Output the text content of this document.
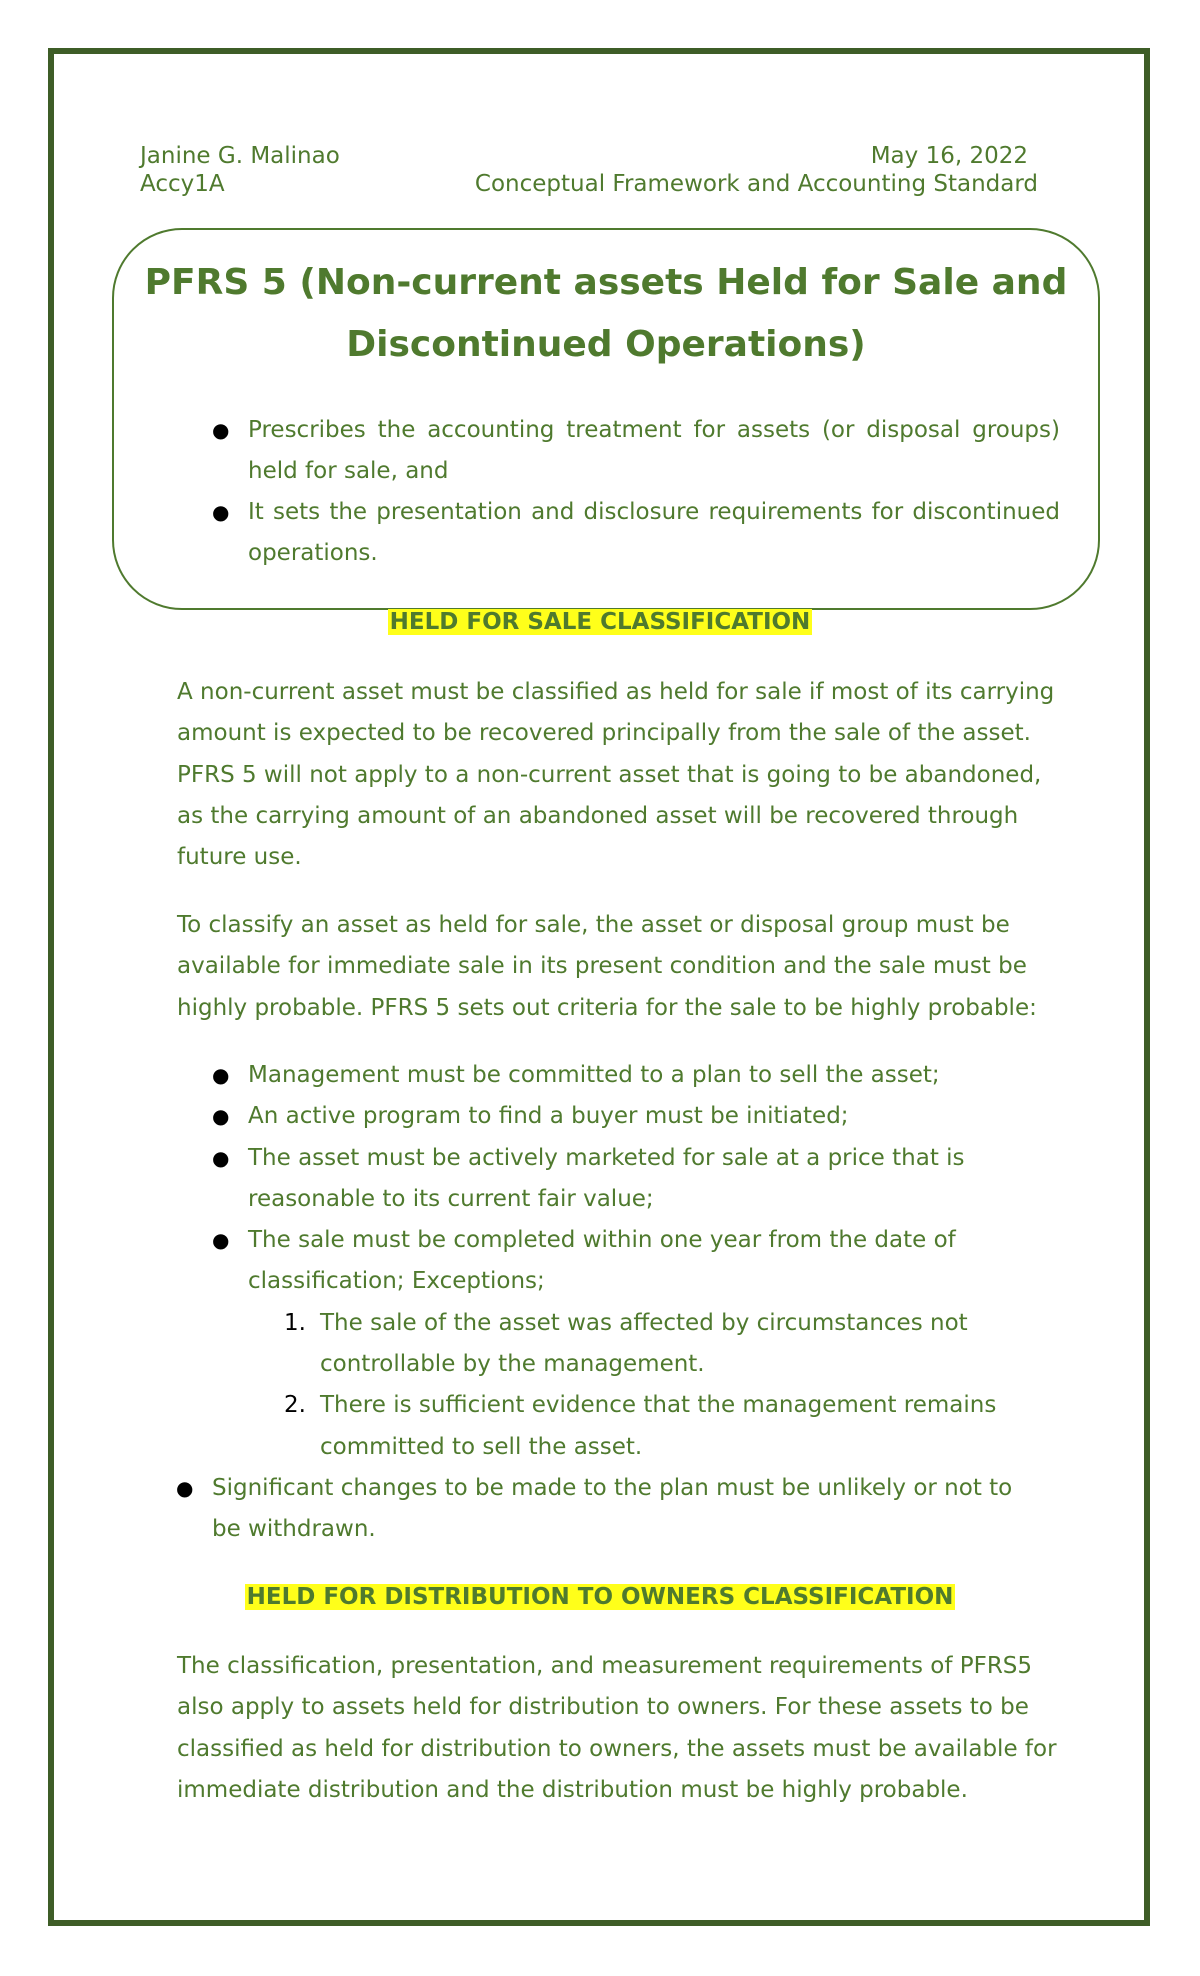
Janine G. Malinao
Accy1A
May 16, 2022
Conceptual Framework and Accounting Standard
PFRS 5 (Non-current assets Held for Sale and
Discontinued Operations)
● Prescribes the accounting treatment for assets (or disposal groups) held for sale, and
● It sets the presentation and disclosure requirements for discontinued operations.
HELD FOR SALE CLASSIFICATION

A non-current asset must be classified as held for sale if most of its carrying amount is expected to be recovered principally from the sale of the asset. PFRS 5 will not apply to a non-current asset that is going to be abandoned, as the carrying amount of an abandoned asset will be recovered through future use.

To classify an asset as held for sale, the asset or disposal group must be available for immediate sale in its present condition and the sale must be highly probable. PFRS 5 sets out criteria for the sale to be highly probable:

● Management must be committed to a plan to sell the asset;
● An active program to find a buyer must be initiated;
● The asset must be actively marketed for sale at a price that is reasonable to its current fair value;
● The sale must be completed within one year from the date of classification; Exceptions;
1. The sale of the asset was affected by circumstances not controllable by the management.
2. There is sufficient evidence that the management remains committed to sell the asset.
● Significant changes to be made to the plan must be unlikely or not to be withdrawn.
HELD FOR DISTRIBUTION TO OWNERS CLASSIFICATION

The classification, presentation, and measurement requirements of PFRS5 also apply to assets held for distribution to owners. For these assets to be classified as held for distribution to owners, the assets must be available for immediate distribution and the distribution must be highly probable.
